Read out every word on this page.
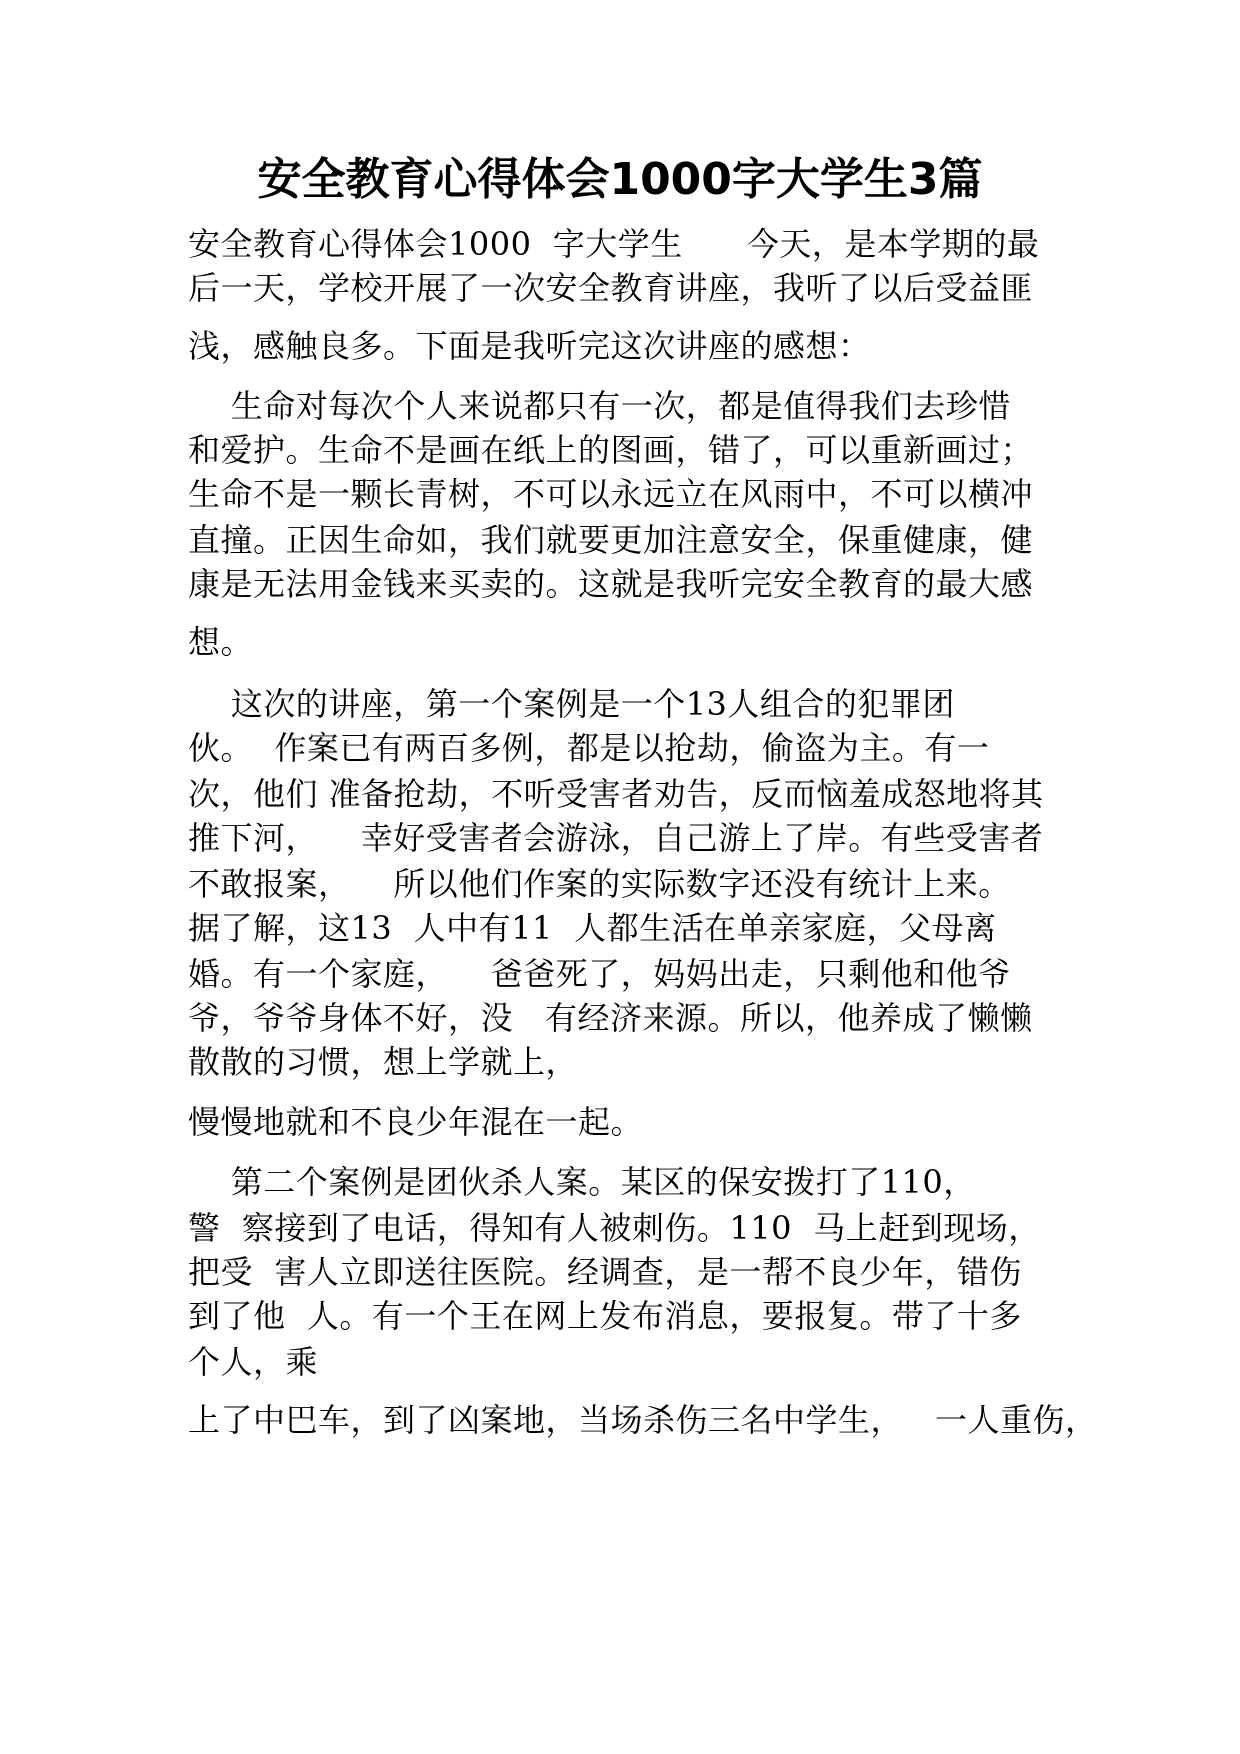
安全教育心得体会1000字大学生3篇
安全教育心得体会1000  字大学生      今天，是本学期的最
后一天，学校开展了一次安全教育讲座，我听了以后受益匪
浅，感触良多。下面是我听完这次讲座的感想：
生命对每次个人来说都只有一次，都是值得我们去珍惜
和爱护。生命不是画在纸上的图画，错了，可以重新画过；
生命不是一颗长青树，不可以永远立在风雨中，不可以横冲
直撞。正因生命如，我们就要更加注意安全，保重健康，健
康是无法用金钱来买卖的。这就是我听完安全教育的最大感
想。
这次的讲座，第一个案例是一个13人组合的犯罪团
伙。  作案已有两百多例，都是以抢劫，偷盗为主。有一
次，他们 准备抢劫，不听受害者劝告，反而恼羞成怒地将其
推下河，    幸好受害者会游泳，自己游上了岸。有些受害者
不敢报案，    所以他们作案的实际数字还没有统计上来。
据了解，这13  人中有11  人都生活在单亲家庭，父母离
婚。有一个家庭，    爸爸死了，妈妈出走，只剩他和他爷
爷，爷爷身体不好，没   有经济来源。所以，他养成了懒懒
散散的习惯，想上学就上，
慢慢地就和不良少年混在一起。
第二个案例是团伙杀人案。某区的保安拨打了110，
警  察接到了电话，得知有人被刺伤。110  马上赶到现场，
把受  害人立即送往医院。经调查，是一帮不良少年，错伤
到了他  人。有一个王在网上发布消息，要报复。带了十多
个人，乘
上了中巴车，到了凶案地，当场杀伤三名中学生，   一人重伤，
